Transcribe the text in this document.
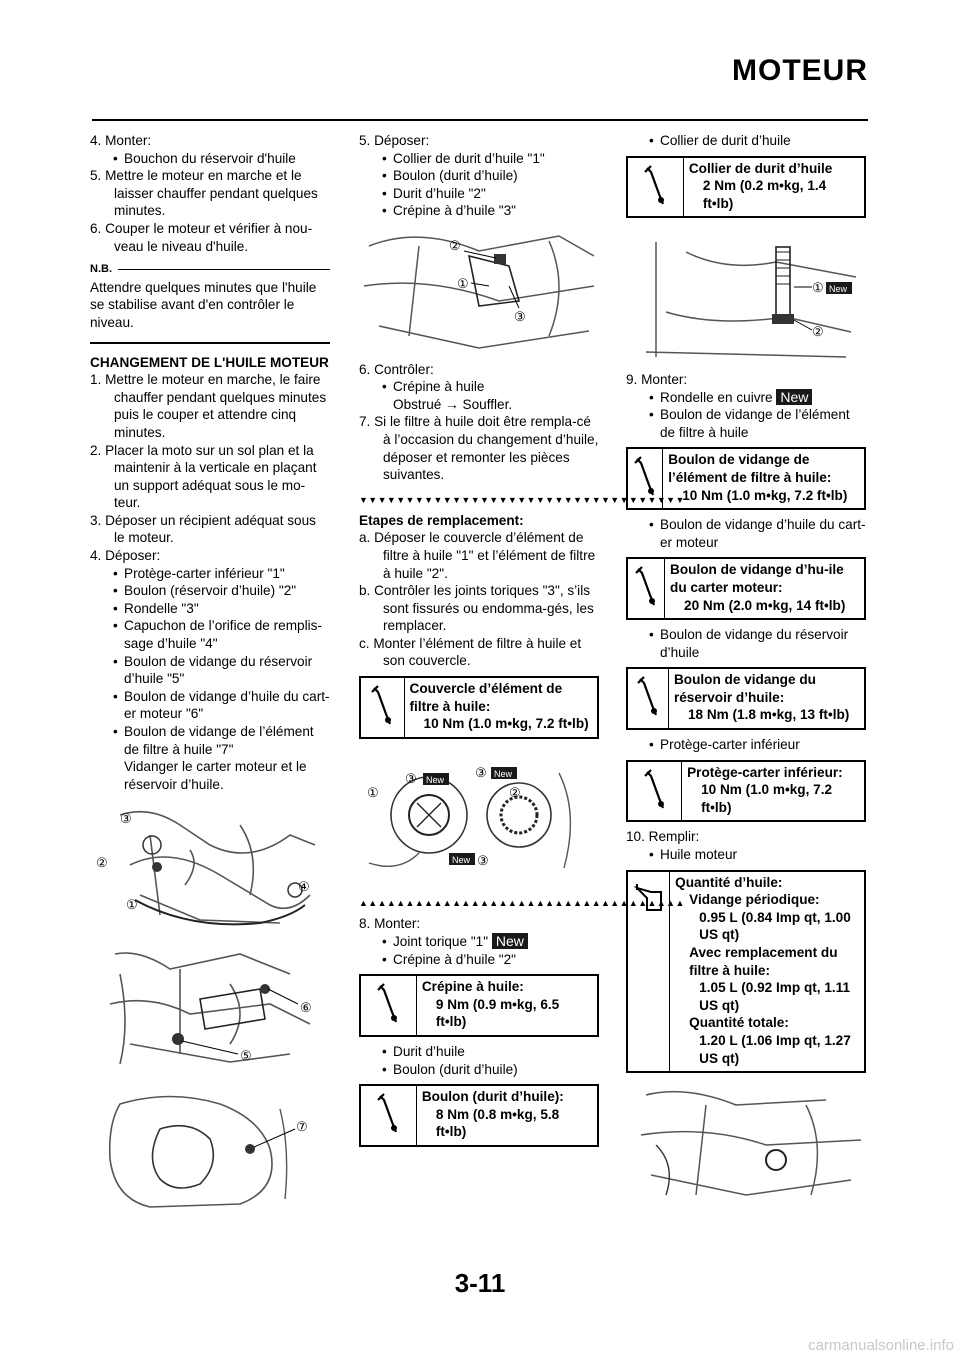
MOTEUR

4. Monter:

• Bouchon du réservoir d'huile

5. Mettre le moteur en marche et le laisser chauffer pendant quelques minutes.

6. Couper le moteur et vérifier à nou-veau le niveau d'huile.

N.B.

Attendre quelques minutes que l'huile se stabilise avant d'en contrôler le niveau.

CHANGEMENT DE L'HUILE MOTEUR

1. Mettre le moteur en marche, le faire chauffer pendant quelques minutes puis le couper et attendre cinq minutes.

2. Placer la moto sur un sol plan et la maintenir à la verticale en plaçant un support adéquat sous le mo-teur.

3. Déposer un récipient adéquat sous le moteur.

4. Déposer:

• Protège-carter inférieur "1"

• Boulon (réservoir d’huile) "2"

• Rondelle "3"

• Capuchon de l’orifice de remplis-sage d’huile "4"

• Boulon de vidange du réservoir d’huile "5"

• Boulon de vidange d’huile du cart-er moteur "6"

• Boulon de vidange de l’élément de filtre à huile "7"

Vidanger le carter moteur et le réservoir d’huile.

③
②
①
④

⑥
⑤

⑦

5. Déposer:

• Collier de durit d’huile "1"

• Boulon (durit d’huile)

• Durit d’huile "2"

• Crépine à d’huile "3"

②
①
③

6. Contrôler:

• Crépine à huile

Obstrué → Souffler.

7. Si le filtre à huile doit être rempla-cé à l’occasion du changement d’huile, déposer et remonter les pièces suivantes.

▼▼▼▼▼▼▼▼▼▼▼▼▼▼▼▼▼▼▼▼▼▼▼▼▼▼▼▼▼▼▼▼▼▼▼

Etapes de remplacement:

a. Déposer le couvercle d’élément de filtre à huile "1" et l’élément de filtre à huile "2".

b. Contrôler les joints toriques "3", s’ils sont fissurés ou endomma-gés, les remplacer.

c. Monter l’élément de filtre à huile et son couvercle.

Couvercle d’élément de filtre à huile:
10 Nm (1.0 m•kg, 7.2 ft•lb)
①
③ New ③ New
②
New ③
▲▲▲▲▲▲▲▲▲▲▲▲▲▲▲▲▲▲▲▲▲▲▲▲▲▲▲▲▲▲▲▲▲▲▲

8. Monter:

• Joint torique "1" New

• Crépine à d’huile "2"

Crépine à huile:
9 Nm (0.9 m•kg, 6.5 ft•lb)

• Durit d’huile

• Boulon (durit d’huile)

Boulon (durit d’huile):
8 Nm (0.8 m•kg, 5.8 ft•lb)

• Collier de durit d’huile

Collier de durit d’huile
2 Nm (0.2 m•kg, 1.4 ft•lb)
① New
②

9. Monter:

• Rondelle en cuivre New

• Boulon de vidange de l’élément de filtre à huile

Boulon de vidange de l’élément de filtre à huile:
10 Nm (1.0 m•kg, 7.2 ft•lb)

• Boulon de vidange d’huile du cart-er moteur

Boulon de vidange d’hu-ile du carter moteur:
20 Nm (2.0 m•kg, 14 ft•lb)

• Boulon de vidange du réservoir d’huile

Boulon de vidange du réservoir d’huile:
18 Nm (1.8 m•kg, 13 ft•lb)

• Protège-carter inférieur

Protège-carter inférieur:
10 Nm (1.0 m•kg, 7.2 ft•lb)

10. Remplir:

• Huile moteur

Quantité d’huile:
Vidange périodique:
0.95 L (0.84 Imp qt, 1.00 US qt)
Avec remplacement du filtre à huile:
1.05 L (0.92 Imp qt, 1.11 US qt)
Quantité totale:
1.20 L (1.06 Imp qt, 1.27 US qt)
3-11
carmanualsonline.info
